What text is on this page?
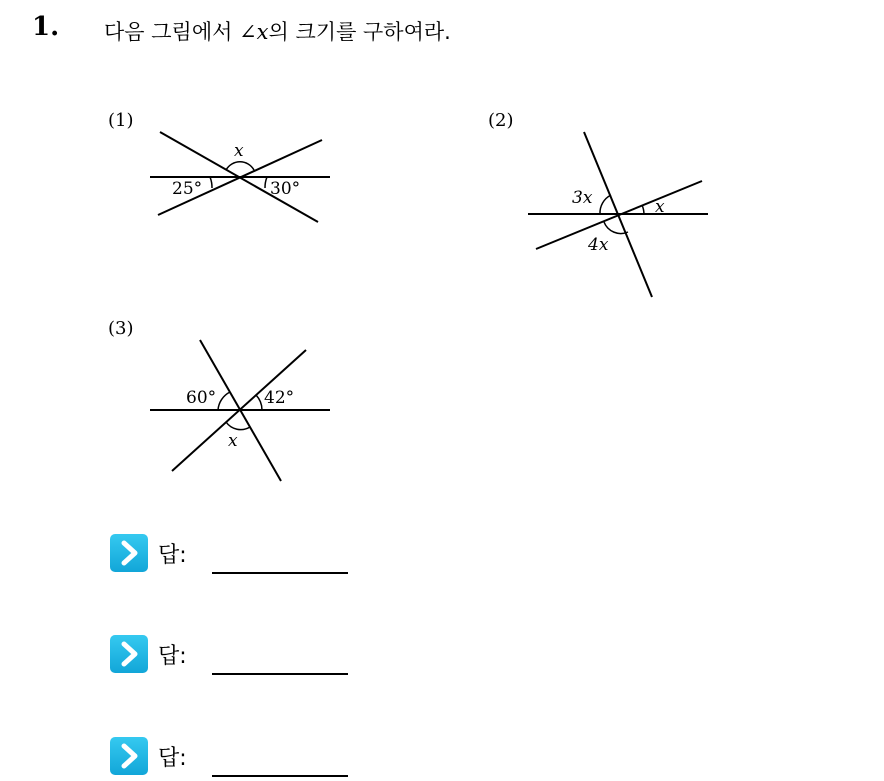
1. 다음 그림에서 ∠x의 크기를 구하여라.
(1)
x
25°	30°
(2)
3x	x
4x
(3)
60°	42°
x
답:
답:
답:
